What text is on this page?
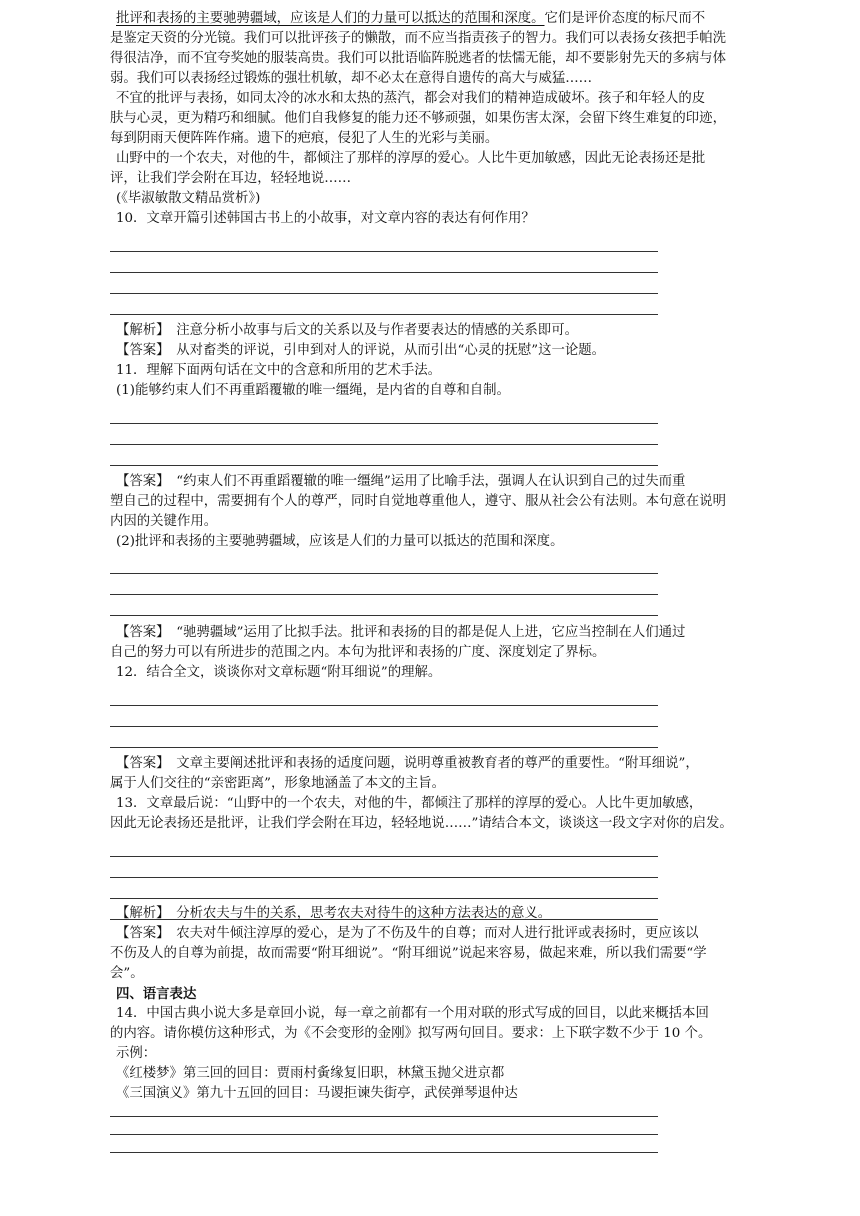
批评和表扬的主要驰骋疆域，应该是人们的力量可以抵达的范围和深度。它们是评价态度的标尺而不
是鉴定天资的分光镜。我们可以批评孩子的懒散，而不应当指责孩子的智力。我们可以表扬女孩把手帕洗
得很洁净，而不宜夸奖她的服装高贵。我们可以批语临阵脱逃者的怯懦无能，却不要影射先天的多病与体
弱。我们可以表扬经过锻炼的强壮机敏，却不必太在意得自遗传的高大与威猛……
不宜的批评与表扬，如同太冷的冰水和太热的蒸汽，都会对我们的精神造成破坏。孩子和年轻人的皮
肤与心灵，更为精巧和细腻。他们自我修复的能力还不够顽强，如果伤害太深，会留下终生难复的印迹，
每到阴雨天便阵阵作痛。遗下的疤痕，侵犯了人生的光彩与美丽。
山野中的一个农夫，对他的牛，都倾注了那样的淳厚的爱心。人比牛更加敏感，因此无论表扬还是批
评，让我们学会附在耳边，轻轻地说……
(《毕淑敏散文精品赏析》)
10．文章开篇引述韩国古书上的小故事，对文章内容的表达有何作用？
【解析】　 注意分析小故事与后文的关系以及与作者要表达的情感的关系即可。
【答案】　 从对畜类的评说，引申到对人的评说，从而引出“心灵的抚慰”这一论题。
11．理解下面两句话在文中的含意和所用的艺术手法。
(1)能够约束人们不再重蹈覆辙的唯一缰绳，是内省的自尊和自制。
【答案】　 “约束人们不再重蹈覆辙的唯一缰绳”运用了比喻手法，强调人在认识到自己的过失而重
塑自己的过程中，需要拥有个人的尊严，同时自觉地尊重他人，遵守、服从社会公有法则。本句意在说明
内因的关键作用。
(2)批评和表扬的主要驰骋疆域，应该是人们的力量可以抵达的范围和深度。
【答案】　 “驰骋疆域”运用了比拟手法。批评和表扬的目的都是促人上进，它应当控制在人们通过
自己的努力可以有所进步的范围之内。本句为批评和表扬的广度、深度划定了界标。
12．结合全文，谈谈你对文章标题“附耳细说”的理解。
【答案】　 文章主要阐述批评和表扬的适度问题，说明尊重被教育者的尊严的重要性。“附耳细说”，
属于人们交往的“亲密距离”，形象地涵盖了本文的主旨。
13．文章最后说：“山野中的一个农夫，对他的牛，都倾注了那样的淳厚的爱心。人比牛更加敏感，
因此无论表扬还是批评，让我们学会附在耳边，轻轻地说……”请结合本文，谈谈这一段文字对你的启发。
【解析】　 分析农夫与牛的关系，思考农夫对待牛的这种方法表达的意义。
【答案】　 农夫对牛倾注淳厚的爱心，是为了不伤及牛的自尊；而对人进行批评或表扬时，更应该以
不伤及人的自尊为前提，故而需要“附耳细说”。“附耳细说”说起来容易，做起来难，所以我们需要“学
会”。
四、语言表达
14．中国古典小说大多是章回小说，每一章之前都有一个用对联的形式写成的回目，以此来概括本回
的内容。请你模仿这种形式，为《不会变形的金刚》拟写两句回目。要求：上下联字数不少于 10 个。
示例：
《红楼梦》第三回的回目：贾雨村夤缘复旧职，林黛玉抛父进京都
《三国演义》第九十五回的回目：马谡拒谏失街亭，武侯弹琴退仲达
